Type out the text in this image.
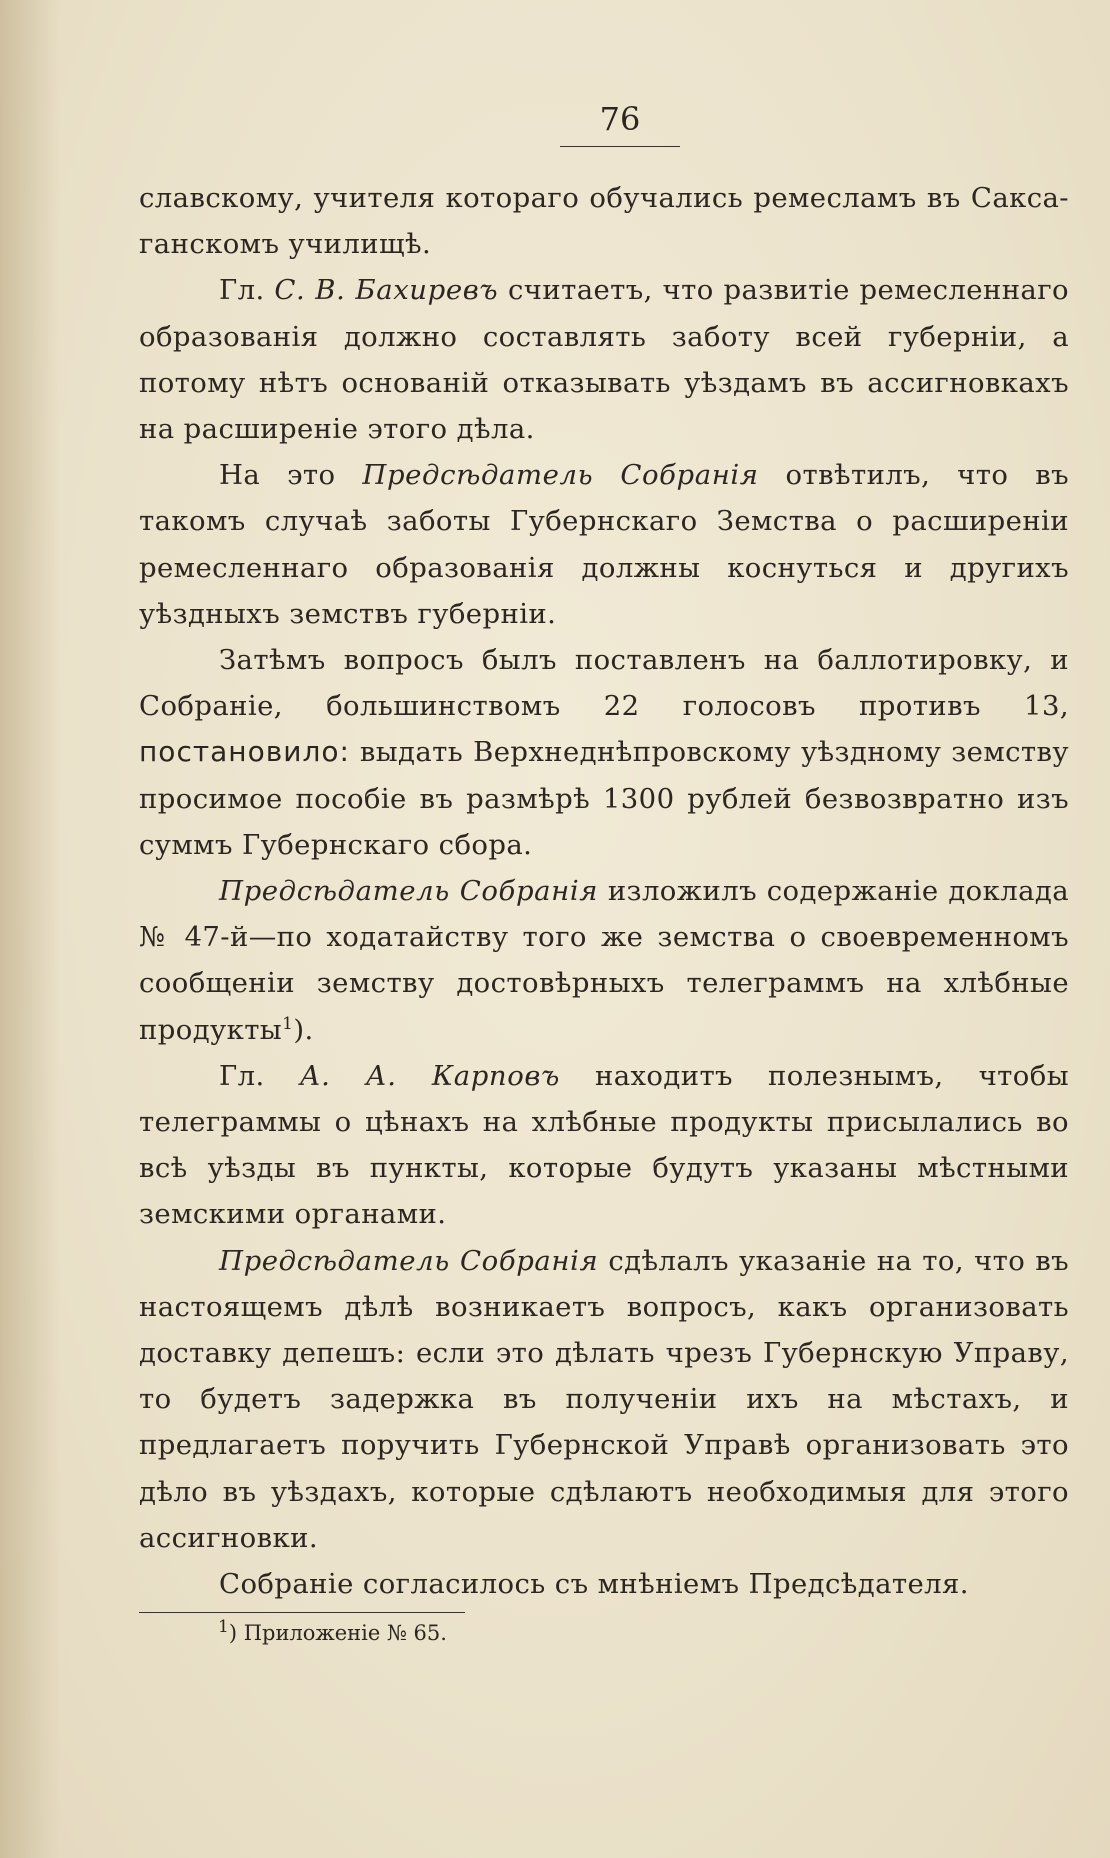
76

славскому, учителя котораго обучались ремесламъ въ Сакса-ганскомъ училищѣ.

Гл. С. В. Бахиревъ считаетъ, что развитіе ремесленнаго образованія должно составлять заботу всей губерніи, а потому нѣтъ основаній отказывать уѣздамъ въ ассигновкахъ на расширеніе этого дѣла.

На это Предсѣдатель Собранія отвѣтилъ, что въ такомъ случаѣ заботы Губернскаго Земства о расширеніи ремесленнаго образованія должны коснуться и другихъ уѣздныхъ земствъ губерніи.

Затѣмъ вопросъ былъ поставленъ на баллотировку, и Собраніе, большинствомъ 22 голосовъ противъ 13, постановило: выдать Верхнеднѣпровскому уѣздному земству просимое пособіе въ размѣрѣ 1300 рублей безвозвратно изъ суммъ Губернскаго сбора.

Предсѣдатель Собранія изложилъ содержаніе доклада № 47-й—по ходатайству того же земства о своевременномъ сообщеніи земству достовѣрныхъ телеграммъ на хлѣбные продукты$^1$).

Гл. А. А. Карповъ находитъ полезнымъ, чтобы телеграммы о цѣнахъ на хлѣбные продукты присылались во всѣ уѣзды въ пункты, которые будутъ указаны мѣстными земскими органами.

Предсѣдатель Собранія сдѣлалъ указаніе на то, что въ настоящемъ дѣлѣ возникаетъ вопросъ, какъ организовать доставку депешъ: если это дѣлать чрезъ Губернскую Управу, то будетъ задержка въ полученіи ихъ на мѣстахъ, и предлагаетъ поручить Губернской Управѣ организовать это дѣло въ уѣздахъ, которые сдѣлаютъ необходимыя для этого ассигновки.

Собраніе согласилось съ мнѣніемъ Предсѣдателя.

$^1$) Приложеніе № 65.
